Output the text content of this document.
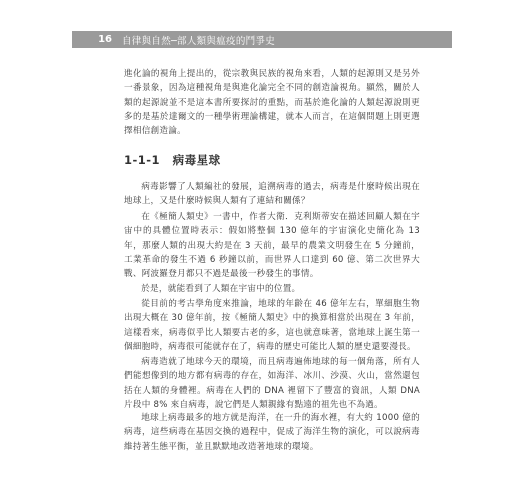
16	自律與自然─部人類與瘟疫的鬥爭史

進化論的視角上提出的，從宗教與民族的視角來看，人類的起源則又是另外一番景象，因為這種視角是與進化論完全不同的創造論視角。顯然，關於人類的起源說並不是這本書所要探討的重點，而基於進化論的人類起源說則更多的是基於達爾文的一種學術理論構建，就本人而言，在這個問題上則更選擇相信創造論。

1-1-1 病毒星球

病毒影響了人類編社的發展，追溯病毒的過去，病毒是什麼時候出現在地球上，又是什麼時候與人類有了連結和關係？

在《極簡人類史》一書中，作者大衛．克利斯蒂安在描述回顧人類在宇宙中的具體位置時表示：假如將整個 130 億年的宇宙演化史簡化為 13 年，那麼人類的出現大約是在 3 天前，最早的農業文明發生在 5 分鐘前，工業革命的發生不過 6 秒鐘以前，而世界人口達到 60 億、第二次世界大戰、阿波羅登月都只不過是最後一秒發生的事情。

於是，就能看到了人類在宇宙中的位置。

從目前的考古學角度來推論，地球的年齡在 46 億年左右，單細胞生物出現大概在 30 億年前，按《極簡人類史》中的換算相當於出現在 3 年前，這樣看來，病毒似乎比人類要古老的多，這也就意味著，當地球上誕生第一個細胞時，病毒很可能就存在了，病毒的歷史可能比人類的歷史還要漫長。

病毒造就了地球今天的環境，而且病毒遍佈地球的每一個角落，所有人們能想像到的地方都有病毒的存在，如海洋、冰川、沙漠、火山，當然還包括在人類的身體裡。病毒在人們的 DNA 裡留下了豐富的資訊，人類 DNA 片段中 8% 來自病毒，說它們是人類親緣有點遠的祖先也不為過。

地球上病毒最多的地方就是海洋，在一升的海水裡，有大約 1000 億的病毒，這些病毒在基因交換的過程中，促成了海洋生物的演化，可以說病毒維持著生態平衡，並且默默地改造著地球的環境。
